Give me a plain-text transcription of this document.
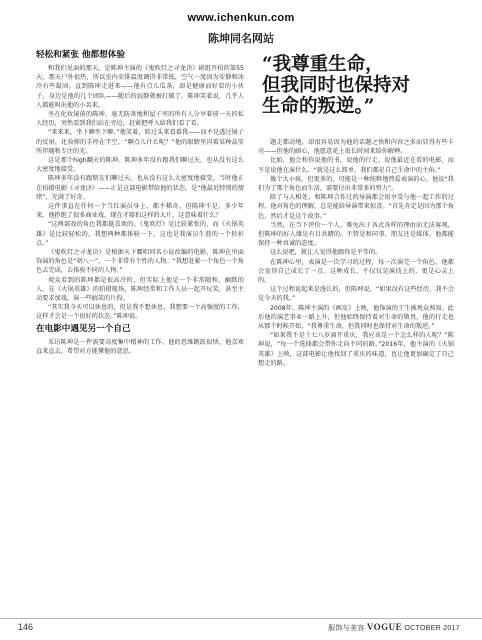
www.ichenkun.com
陈坤同名网站
轻松和紧张 他都想体验

和我们见面的那天，是陈坤主演的《鬼吹灯之寻龙诀》剧组开拍的第55天，那天户外很热，所以室内安排温度调得非常低，空气一度因为安静和冰冷有些凝固。直到陈坤走进来——他有点儿瓜条，却是健康而好看的小伙子，身边是他的几个团队——随后的寂静就被打破了。陈坤笑着说，几乎人人都能叫出他的小名来。

坐在化妆镜前的陈坤，毫无防备地和屋子里的所有人分享着前一天的私人经历，突然看到我们站在旁边，赶紧把呼入给我们看了看。

“来来来，坐下聊坐下聊。”他笑着，转过头来看着我——而不是透过镜子的反射，化妆师的手停在半空。“聊点儿什么呢？”他的眼睛里闪着某种晶莹所伴随和专注的光。

这是那个high翻天的陈坤。陈坤多年没有跟我们聊过天，也从没有这么大密度地接受。

陈坤多年没有跟朋友们聊过天，也从没有这么大密度地接受，当时他正在拍摄电影《寻龙诀》——正是这部电影带给他的状态，是“他最近特别的情绪”，充满了好奇。

这件事直在任何一个当红演员身上，都不稀奇。但陈坤不是，多少年来，他拒绝了很多商业戏，现在才接拍这样的大片，这意味着什么？

“这两部戏的角色我都挺喜欢的。《鬼吹灯》是比较紧张的，而《火锅英雄》是比较轻松的，我想两种都体验一下。这也是我演员生涯的一个转折点。”

《鬼吹灯之寻龙诀》是根据天下霸唱同名小说改编的电影，陈坤在里面饰演的角色是“胡八一”，一个非常有个性的人物。“我想赶紧一个角色一个角色去完成，去体验不同的人物。”

观众看到的陈坤都是很高冷的，但实际上他是一个非常随和、幽默的人。在《火锅英雄》的拍摄现场，陈坤经常和工作人员一起开玩笑，甚至主动要求加戏，演一些搞笑的片段。

“其实我今天可以休息的，但是我不想休息，我想要一个高强度的工作，这样才会是一个很好的状态。”陈坤说。

在电影中遇见另一个自己

采访陈坤是一件需要高度集中精神的工作。他的思维跳跃很快，他喜欢直来直去，希望对方能懂他的意思。

“我尊重生命，
但我同时也保持对
生命的叛逆。”

题走都动地，却很容易因为他的话题之快和内容之多而显得有些卡壳——但他的耐心，他愿意花上很长时间来给你解释。

比如，他会和你说他的书，说他的行走，说他最近在看的电影，而不是说他在演什么。“就是这么简单，我们都是自己生命中的主角。”

像个大小孩，但更多的，可能是一种纯粹地热爱表演的心，他说“我们为了那个角色而生活，需要付出非常多的努力”。

除了与人相处，和陈坤合作过的导演都会很享受与他一起工作的过程。他对角色的理解，总是能给导演带来惊喜。“首先肯定是因为那个角色，然后才是这个故事。”

当然，在当下评价一个人，难免出于各式各样的理由而无法客观，但陈坤的好人缘是有目共睹的。不管是和同事、朋友还是媒体，他都能保持一种真诚的态度。

这么说吧，就让人觉得他跟你是平等的。

在陈坤心里，表演是一次学习的过程，每一次演完一个角色，他都会觉得自己成长了一点。这种成长，不仅仅是演技上的，更是心灵上的。

这个过程说起来是漫长的，但陈坤说，“如果没有这些经历，我不会是今天的我。”

2008年，陈坤主演的《画皮》上映，他饰演的王生被观众熟知。此后他的演艺事业一路上升，但他始终保持着对生命的敬畏，他的行走也从那个时候开始。“我尊重生命，但我同时也保持对生命的叛逆。”

“如果我不是十七八岁离开重庆，我应该是一个怎么样的人呢？”陈坤说，“每一个选择都会带你走向不同的路。”2016年，他主演的《火锅英雄》上映，这部电影让他找回了重庆的味道，也让他更加确定了自己想走的路。

146	服饰与美容 VOGUE OCTOBER 2017
